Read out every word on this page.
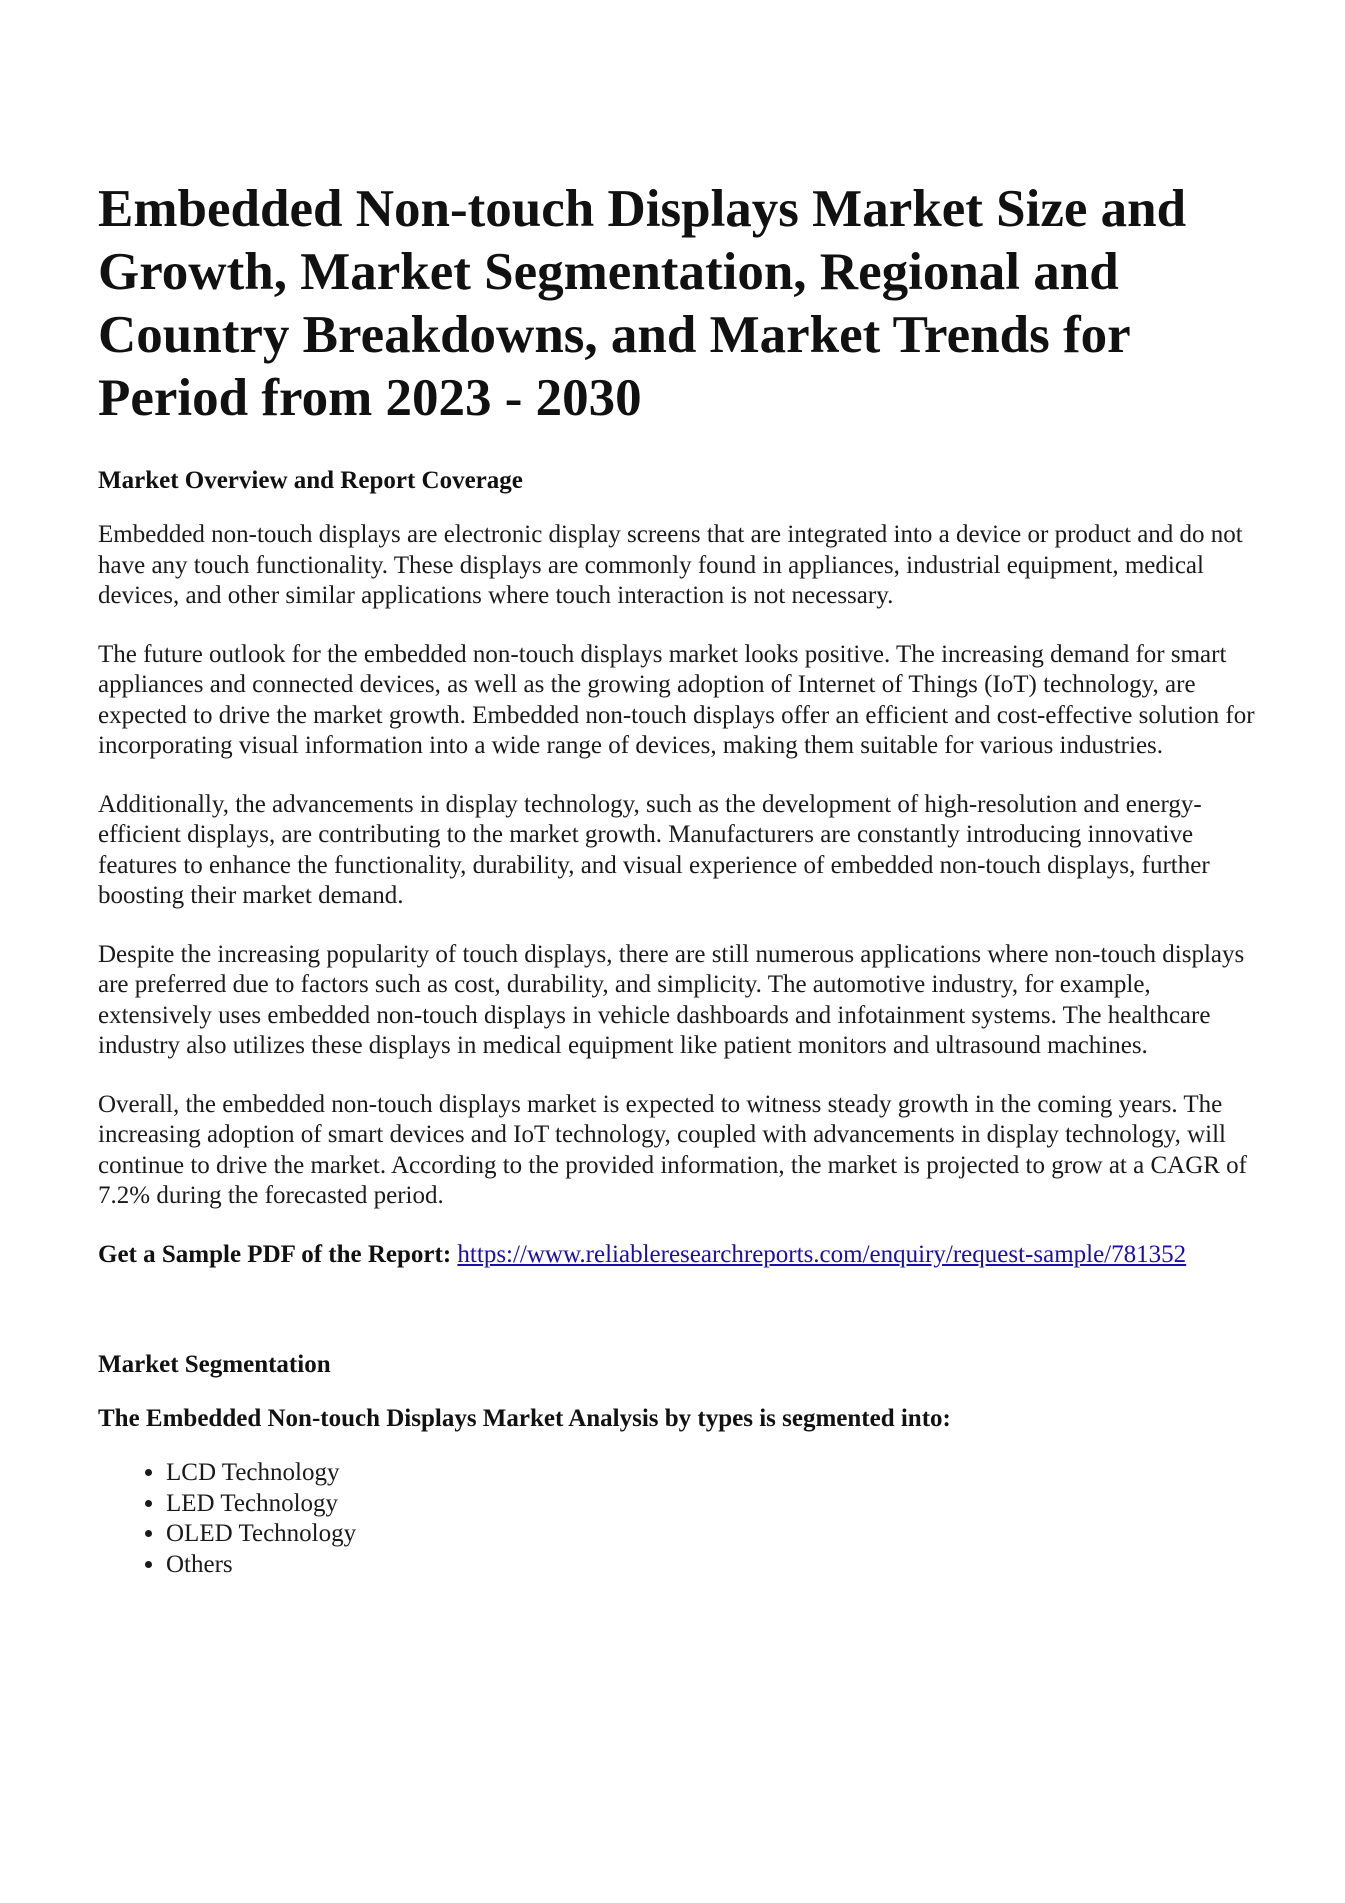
Embedded Non-touch Displays Market Size and Growth, Market Segmentation, Regional and Country Breakdowns, and Market Trends for Period from 2023 - 2030
Market Overview and Report Coverage

Embedded non-touch displays are electronic display screens that are integrated into a device or product and do not have any touch functionality. These displays are commonly found in appliances, industrial equipment, medical devices, and other similar applications where touch interaction is not necessary.

The future outlook for the embedded non-touch displays market looks positive. The increasing demand for smart appliances and connected devices, as well as the growing adoption of Internet of Things (IoT) technology, are expected to drive the market growth. Embedded non-touch displays offer an efficient and cost-effective solution for incorporating visual information into a wide range of devices, making them suitable for various industries.

Additionally, the advancements in display technology, such as the development of high-resolution and energy-efficient displays, are contributing to the market growth. Manufacturers are constantly introducing innovative features to enhance the functionality, durability, and visual experience of embedded non-touch displays, further boosting their market demand.

Despite the increasing popularity of touch displays, there are still numerous applications where non-touch displays are preferred due to factors such as cost, durability, and simplicity. The automotive industry, for example, extensively uses embedded non-touch displays in vehicle dashboards and infotainment systems. The healthcare industry also utilizes these displays in medical equipment like patient monitors and ultrasound machines.

Overall, the embedded non-touch displays market is expected to witness steady growth in the coming years. The increasing adoption of smart devices and IoT technology, coupled with advancements in display technology, will continue to drive the market. According to the provided information, the market is projected to grow at a CAGR of 7.2% during the forecasted period.

Get a Sample PDF of the Report: https://www.reliableresearchreports.com/enquiry/request-sample/781352
Market Segmentation
The Embedded Non-touch Displays Market Analysis by types is segmented into:
• LCD Technology
• LED Technology
• OLED Technology
• Others
